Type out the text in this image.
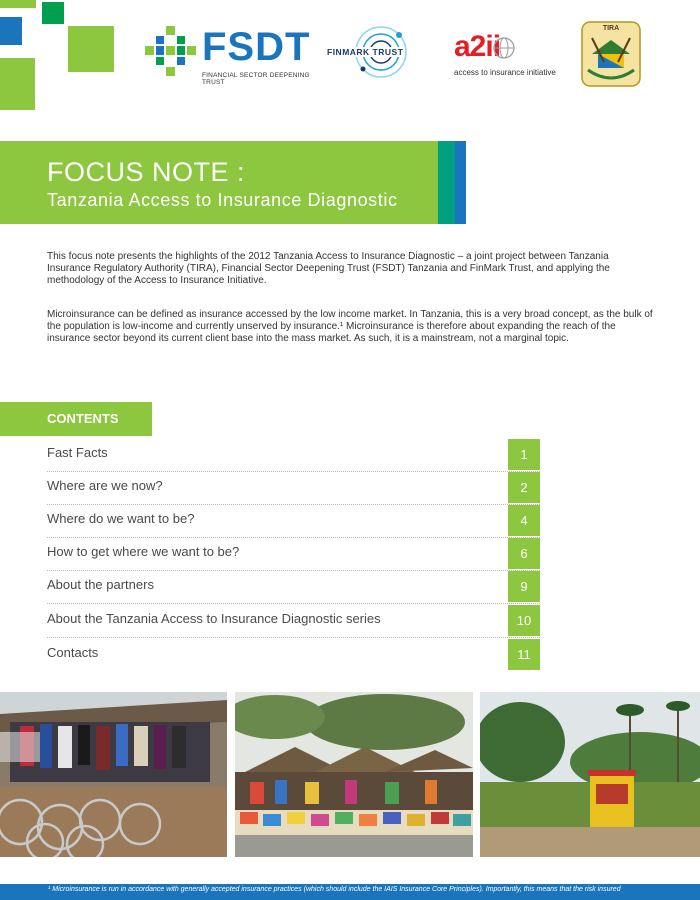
FSDT
FINANCIAL SECTOR DEEPENING TRUST
FINMARK TRUST a2ii
access to insurance initiative
TIRA
FOCUS NOTE :
Tanzania Access to Insurance Diagnostic
This focus note presents the highlights of the 2012 Tanzania Access to Insurance Diagnostic – a joint project between Tanzania Insurance Regulatory Authority (TIRA), Financial Sector Deepening Trust (FSDT) Tanzania and FinMark Trust, and applying the methodology of the Access to Insurance Initiative.
Microinsurance can be defined as insurance accessed by the low income market. In Tanzania, this is a very broad concept, as the bulk of the population is low-income and currently unserved by insurance.¹ Microinsurance is therefore about expanding the reach of the insurance sector beyond its current client base into the mass market. As such, it is a mainstream, not a marginal topic.
CONTENTS
Fast Facts	1
Where are we now?	2
Where do we want to be?	4
How to get where we want to be?	6
About the partners	9
About the Tanzania Access to Insurance Diagnostic series	10
Contacts	11
¹ Microinsurance is run in accordance with generally accepted insurance practices (which should include the IAIS Insurance Core Principles). Importantly, this means that the risk insured
